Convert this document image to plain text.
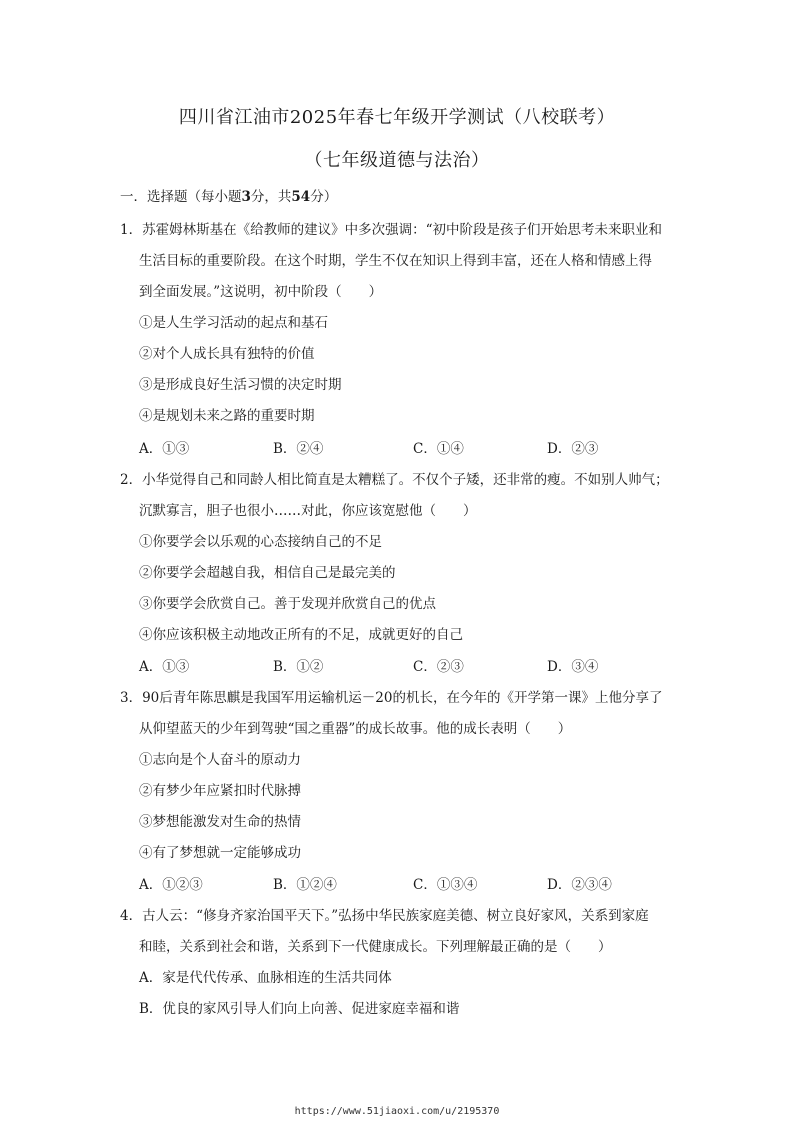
四川省江油市2025年春七年级开学测试（八校联考）
（七年级道德与法治）
一．选择题（每小题3分，共54分）
1．苏霍姆林斯基在《给教师的建议》中多次强调：“初中阶段是孩子们开始思考未来职业和
生活目标的重要阶段。在这个时期，学生不仅在知识上得到丰富，还在人格和情感上得
到全面发展。”这说明，初中阶段（　　）
①是人生学习活动的起点和基石
②对个人成长具有独特的价值
③是形成良好生活习惯的决定时期
④是规划未来之路的重要时期
A．①③	B．②④	C．①④	D．②③
2．小华觉得自己和同龄人相比简直是太糟糕了。不仅个子矮，还非常的瘦。不如别人帅气；
沉默寡言，胆子也很小……对此，你应该宽慰他（　　）
①你要学会以乐观的心态接纳自己的不足
②你要学会超越自我，相信自己是最完美的
③你要学会欣赏自己。善于发现并欣赏自己的优点
④你应该积极主动地改正所有的不足，成就更好的自己
A．①③	B．①②	C．②③	D．③④
3．90后青年陈思麒是我国军用运输机运－20的机长，在今年的《开学第一课》上他分享了
从仰望蓝天的少年到驾驶“国之重器”的成长故事。他的成长表明（　　）
①志向是个人奋斗的原动力
②有梦少年应紧扣时代脉搏
③梦想能激发对生命的热情
④有了梦想就一定能够成功
A．①②③	B．①②④	C．①③④	D．②③④
4．古人云：“修身齐家治国平天下。”弘扬中华民族家庭美德、树立良好家风，关系到家庭
和睦，关系到社会和谐，关系到下一代健康成长。下列理解最正确的是（　　）
A．家是代代传承、血脉相连的生活共同体
B．优良的家风引导人们向上向善、促进家庭幸福和谐
https://www.51jiaoxi.com/u/2195370
